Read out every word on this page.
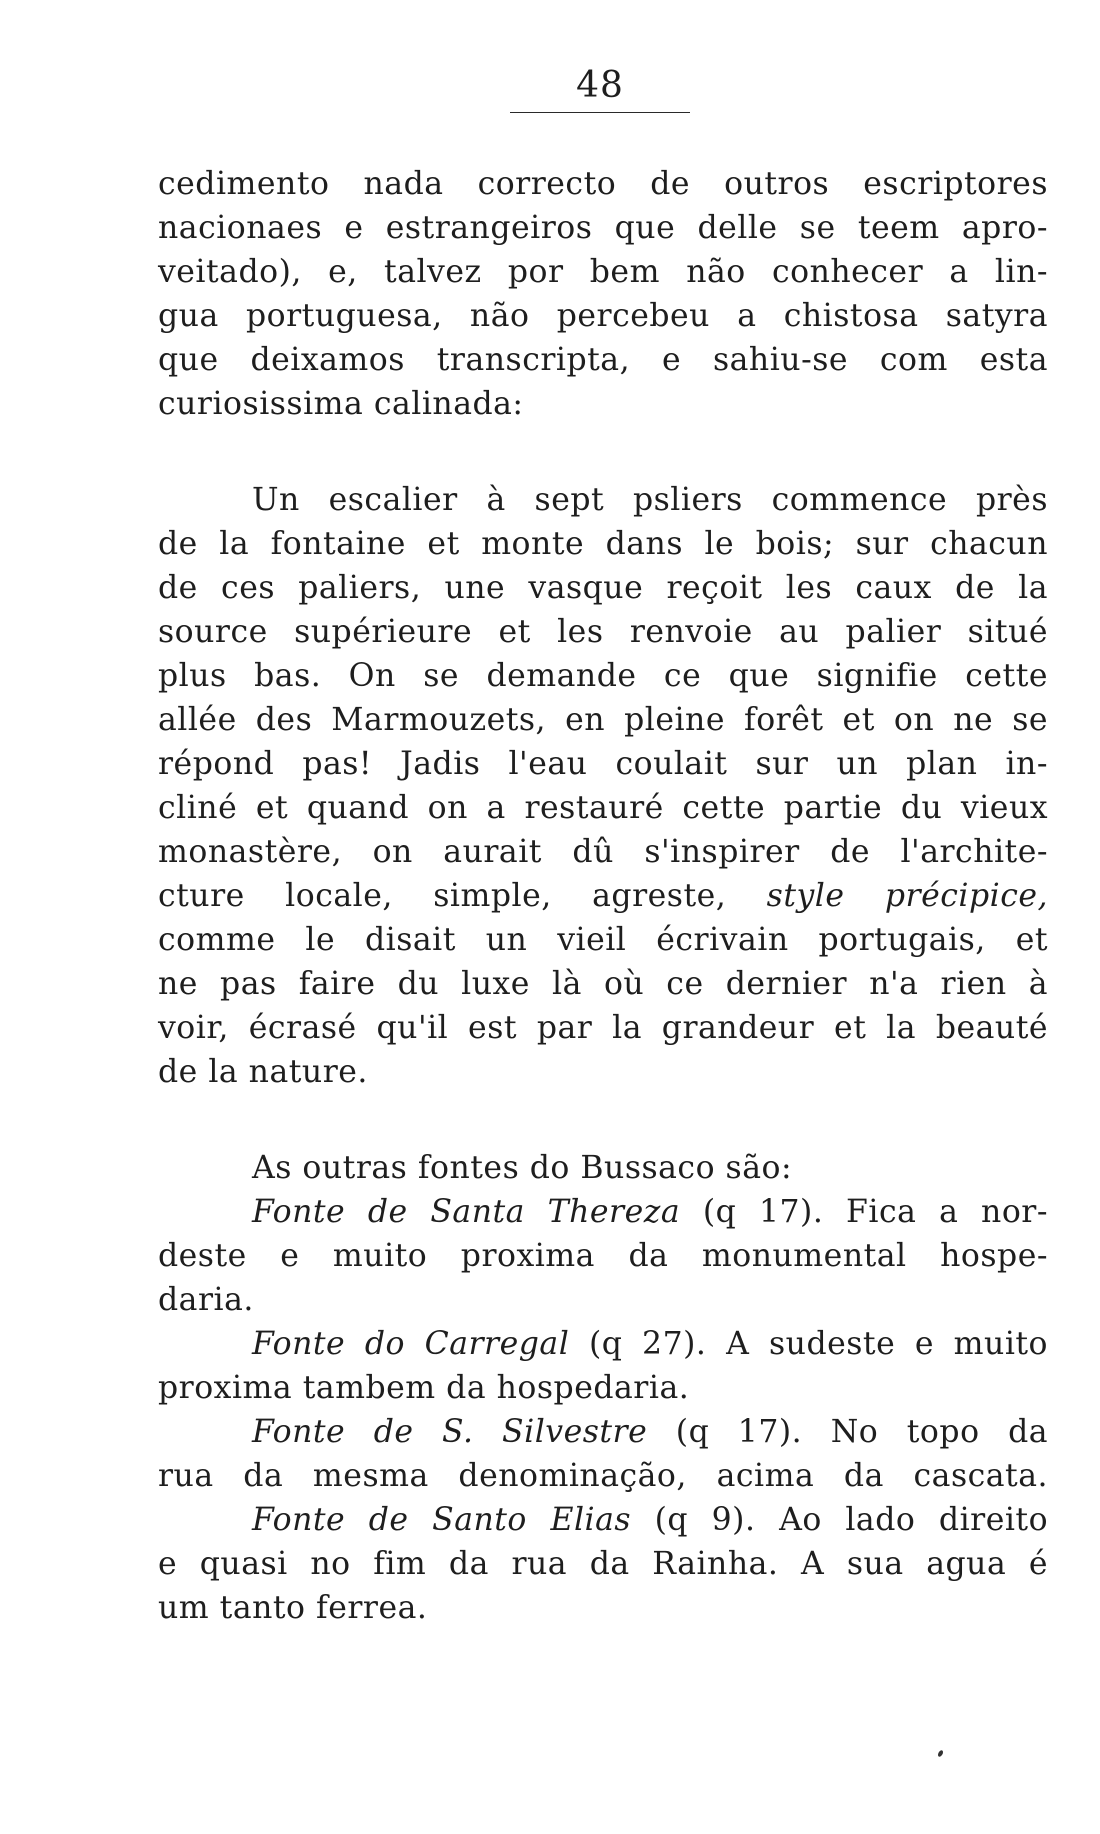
48

cedimento nada correcto de outros escriptores

nacionaes e estrangeiros que delle se teem apro-

veitado), e, talvez por bem não conhecer a lin-

gua portuguesa, não percebeu a chistosa satyra

que deixamos transcripta, e sahiu-se com esta

curiosissima calinada:

Un escalier à sept psliers commence près

de la fontaine et monte dans le bois; sur chacun

de ces paliers, une vasque reçoit les caux de la

source supérieure et les renvoie au palier situé

plus bas. On se demande ce que signifie cette

allée des Marmouzets, en pleine forêt et on ne se

répond pas! Jadis l'eau coulait sur un plan in-

cliné et quand on a restauré cette partie du vieux

monastère, on aurait dû s'inspirer de l'archite-

cture locale, simple, agreste, style précipice,

comme le disait un vieil écrivain portugais, et

ne pas faire du luxe là où ce dernier n'a rien à

voir, écrasé qu'il est par la grandeur et la beauté

de la nature.

As outras fontes do Bussaco são:

Fonte de Santa Thereza (q 17). Fica a nor-

deste e muito proxima da monumental hospe-

daria.

Fonte do Carregal (q 27). A sudeste e muito

proxima tambem da hospedaria.

Fonte de S. Silvestre (q 17). No topo da

rua da mesma denominação, acima da cascata.

Fonte de Santo Elias (q 9). Ao lado direito

e quasi no fim da rua da Rainha. A sua agua é

um tanto ferrea.
